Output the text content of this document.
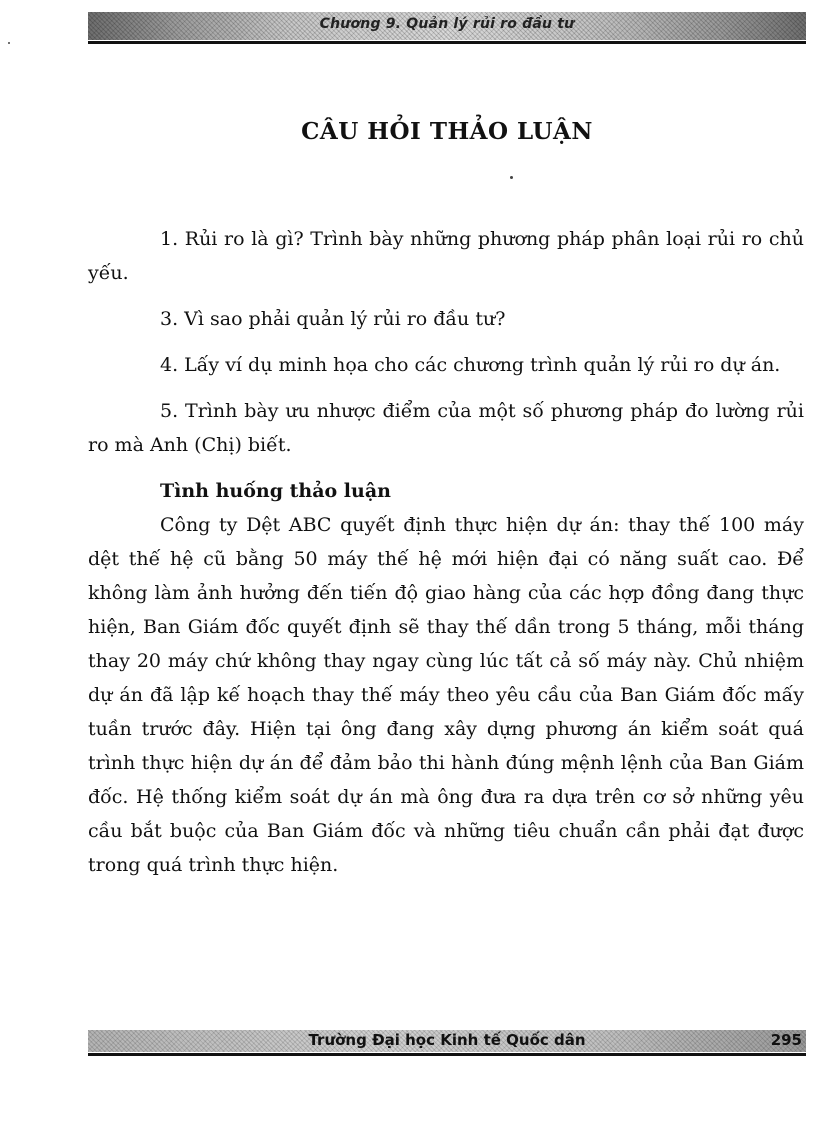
Chương 9. Quản lý rủi ro đầu tư
CÂU HỎI THẢO LUẬN

1. Rủi ro là gì? Trình bày những phương pháp phân loại rủi ro chủ yếu.

3. Vì sao phải quản lý rủi ro đầu tư?

4. Lấy ví dụ minh họa cho các chương trình quản lý rủi ro dự án.

5. Trình bày ưu nhược điểm của một số phương pháp đo lường rủi ro mà Anh (Chị) biết.

Tình huống thảo luận

Công ty Dệt ABC quyết định thực hiện dự án: thay thế 100 máy dệt thế hệ cũ bằng 50 máy thế hệ mới hiện đại có năng suất cao. Để không làm ảnh hưởng đến tiến độ giao hàng của các hợp đồng đang thực hiện, Ban Giám đốc quyết định sẽ thay thế dần trong 5 tháng, mỗi tháng thay 20 máy chứ không thay ngay cùng lúc tất cả số máy này. Chủ nhiệm dự án đã lập kế hoạch thay thế máy theo yêu cầu của Ban Giám đốc mấy tuần trước đây. Hiện tại ông đang xây dựng phương án kiểm soát quá trình thực hiện dự án để đảm bảo thi hành đúng mệnh lệnh của Ban Giám đốc. Hệ thống kiểm soát dự án mà ông đưa ra dựa trên cơ sở những yêu cầu bắt buộc của Ban Giám đốc và những tiêu chuẩn cần phải đạt được trong quá trình thực hiện.

Trường Đại học Kinh tế Quốc dân	295
